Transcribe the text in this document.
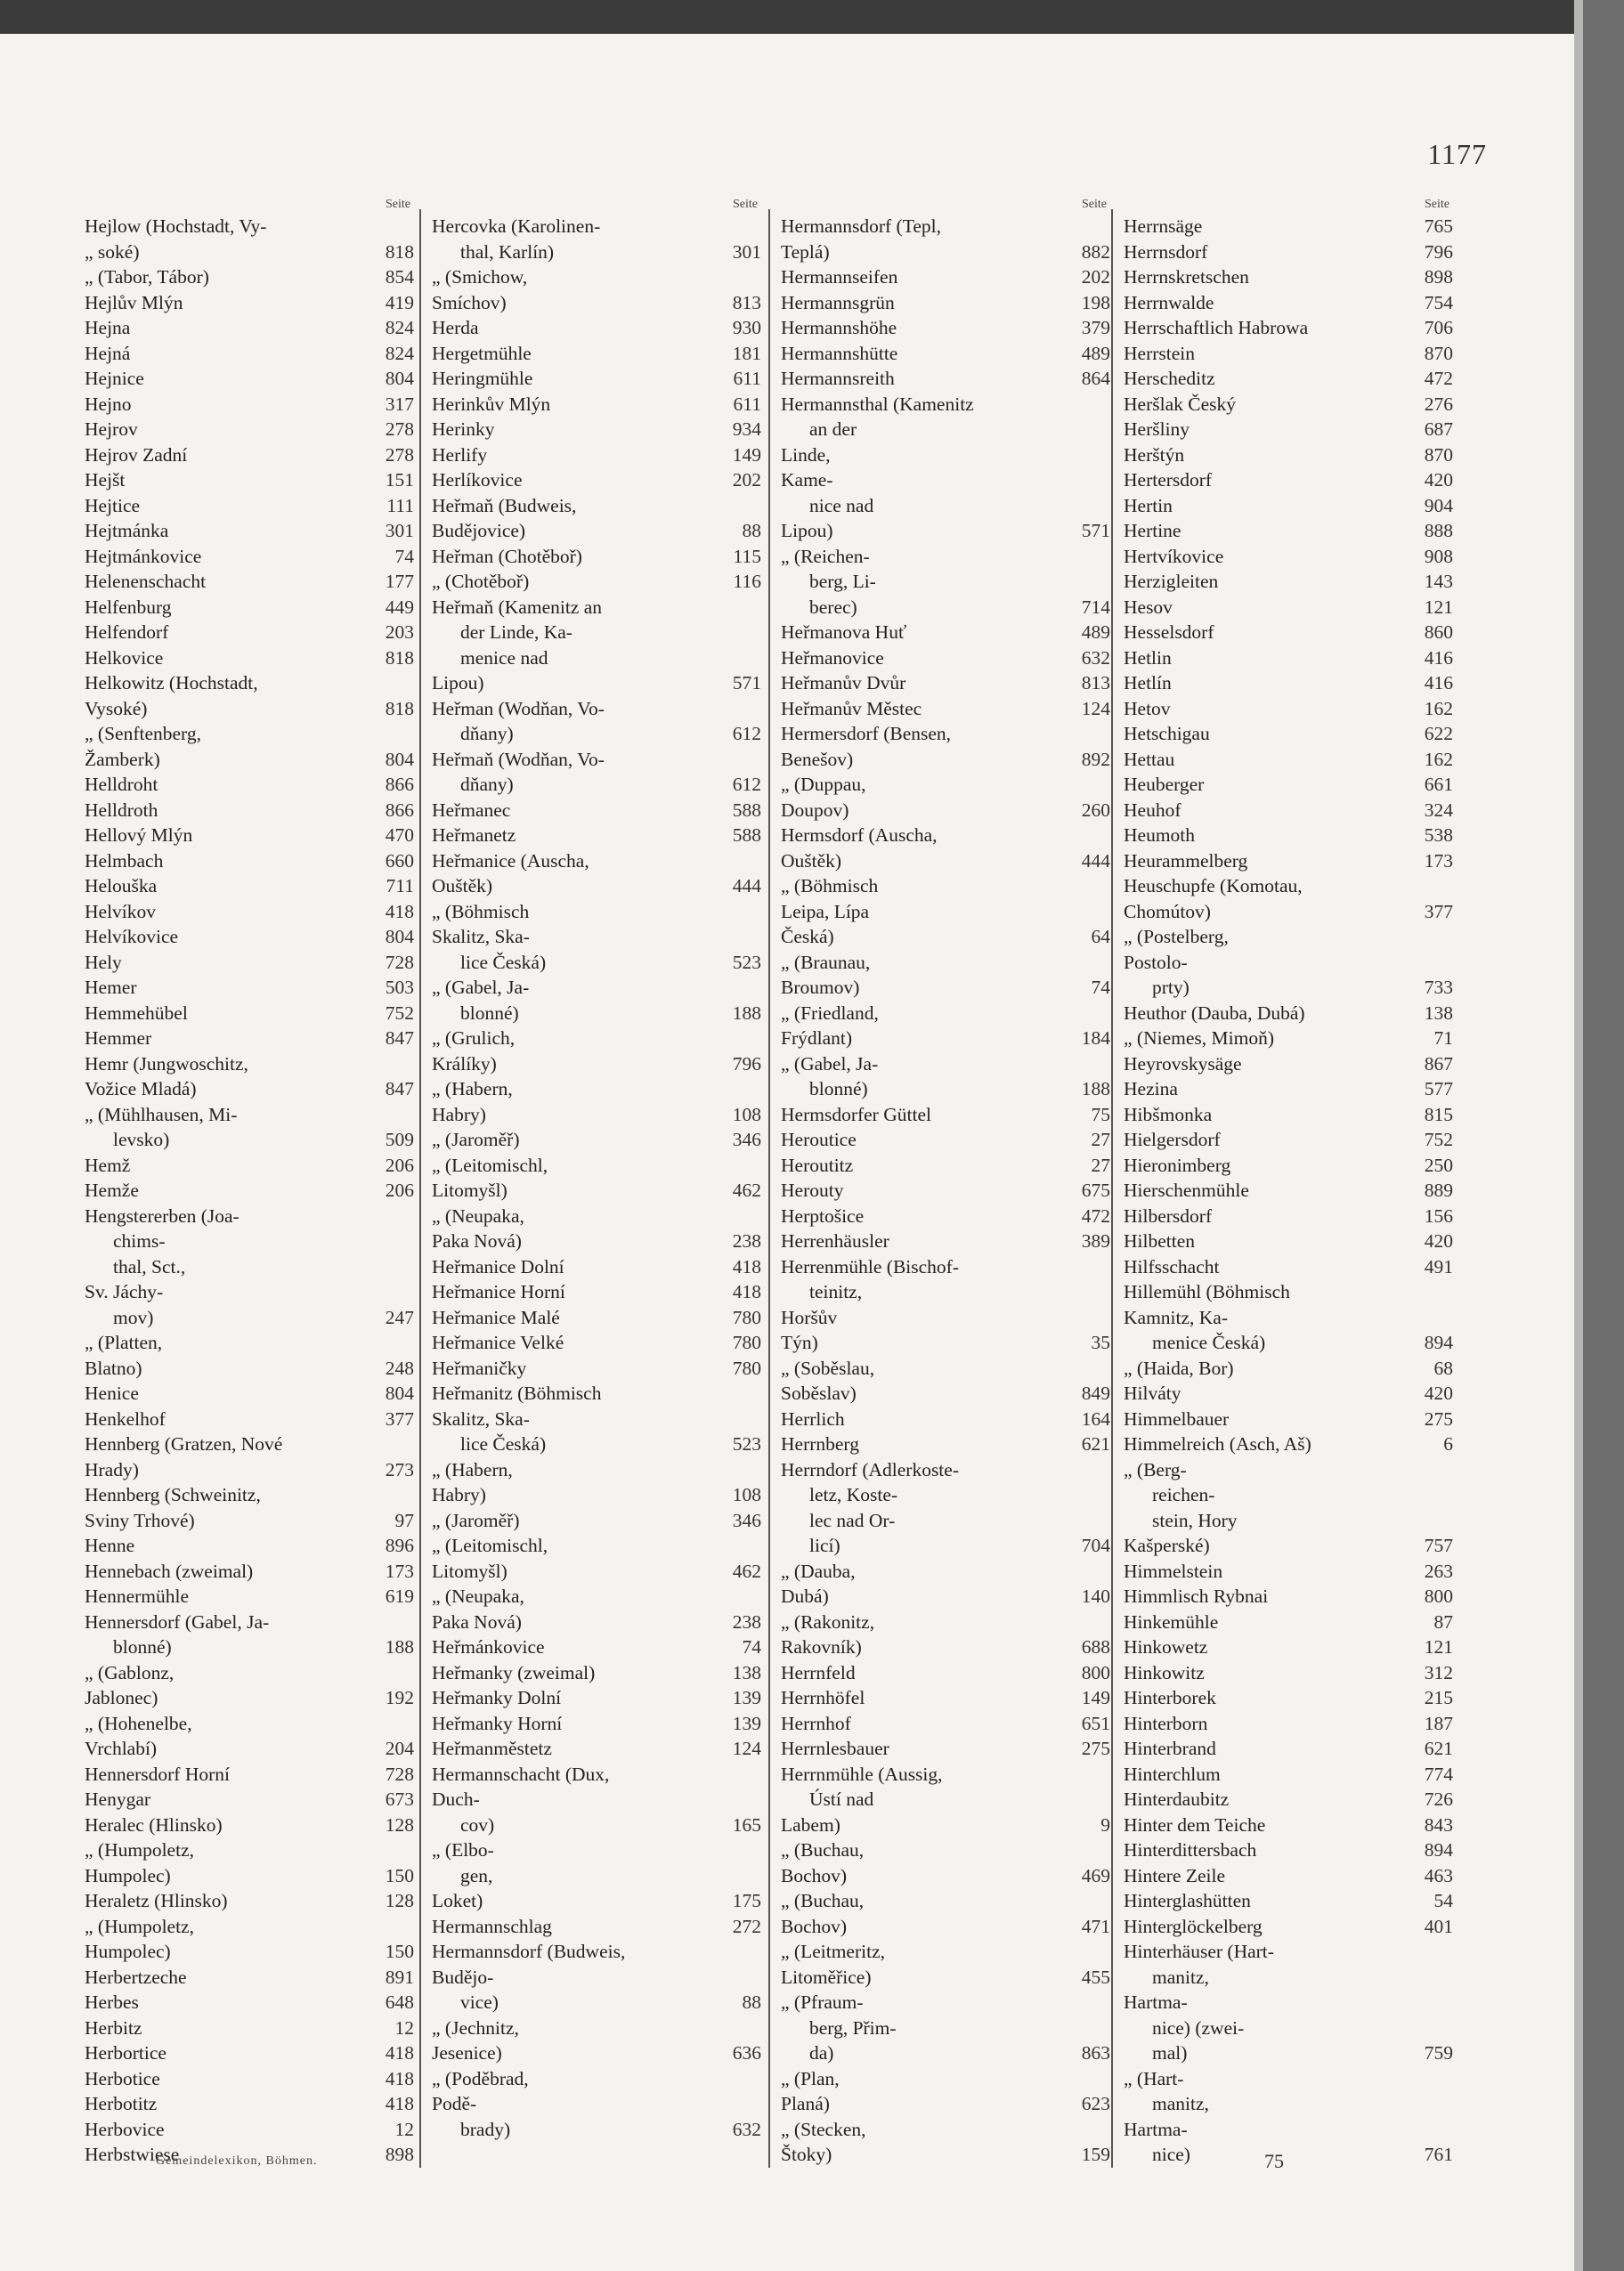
1177
Seite
Hejlow (Hochstadt, Vy-
„ soké)	818
„ (Tabor, Tábor)	854
Hejlův Mlýn	419
Hejna	824
Hejná	824
Hejnice	804
Hejno	317
Hejrov	278
Hejrov Zadní	278
Hejšt	151
Hejtice	111
Hejtmánka	301
Hejtmánkovice	74
Helenenschacht	177
Helfenburg	449
Helfendorf	203
Helkovice	818
Helkowitz (Hochstadt,
Vysoké)	818
„ (Senftenberg,
Žamberk)	804
Helldroht	866
Helldroth	866
Hellový Mlýn	470
Helmbach	660
Helouška	711
Helvíkov	418
Helvíkovice	804
Hely	728
Hemer	503
Hemmehübel	752
Hemmer	847
Hemr (Jungwoschitz,
Vožice Mladá)	847
„ (Mühlhausen, Mi-
levsko)	509
Hemž	206
Hemže	206
Hengstererben (Joa-
chims-
thal, Sct.,
Sv. Jáchy-
mov)	247
„ (Platten,
Blatno)	248
Henice	804
Henkelhof	377
Hennberg (Gratzen, Nové
Hrady)	273
Hennberg (Schweinitz,
Sviny Trhové)	97
Henne	896
Hennebach (zweimal)	173
Hennermühle	619
Hennersdorf (Gabel, Ja-
blonné)	188
„ (Gablonz,
Jablonec)	192
„ (Hohenelbe,
Vrchlabí)	204
Hennersdorf Horní	728
Henygar	673
Heralec (Hlinsko)	128
„ (Humpoletz,
Humpolec)	150
Heraletz (Hlinsko)	128
„ (Humpoletz,
Humpolec)	150
Herbertzeche	891
Herbes	648
Herbitz	12
Herbortice	418
Herbotice	418
Herbotitz	418
Herbovice	12
Herbstwiese	898
Seite
Hercovka (Karolinen-
thal, Karlín)	301
„ (Smichow,
Smíchov)	813
Herda	930
Hergetmühle	181
Heringmühle	611
Herinkův Mlýn	611
Herinky	934
Herlify	149
Herlíkovice	202
Heřmaň (Budweis,
Budějovice)	88
Heřman (Chotěboř)	115
„ (Chotěboř)	116
Heřmaň (Kamenitz an
der Linde, Ka-
menice nad
Lipou)	571
Heřman (Wodňan, Vo-
dňany)	612
Heřmaň (Wodňan, Vo-
dňany)	612
Heřmanec	588
Heřmanetz	588
Heřmanice (Auscha,
Ouštěk)	444
„ (Böhmisch
Skalitz, Ska-
lice Česká)	523
„ (Gabel, Ja-
blonné)	188
„ (Grulich,
Králíky)	796
„ (Habern,
Habry)	108
„ (Jaroměř)	346
„ (Leitomischl,
Litomyšl)	462
„ (Neupaka,
Paka Nová)	238
Heřmanice Dolní	418
Heřmanice Horní	418
Heřmanice Malé	780
Heřmanice Velké	780
Heřmaničky	780
Heřmanitz (Böhmisch
Skalitz, Ska-
lice Česká)	523
„ (Habern,
Habry)	108
„ (Jaroměř)	346
„ (Leitomischl,
Litomyšl)	462
„ (Neupaka,
Paka Nová)	238
Heřmánkovice	74
Heřmanky (zweimal)	138
Heřmanky Dolní	139
Heřmanky Horní	139
Heřmanměstetz	124
Hermannschacht (Dux,
Duch-
cov)	165
„ (Elbo-
gen,
Loket)	175
Hermannschlag	272
Hermannsdorf (Budweis,
Budějo-
vice)	88
„ (Jechnitz,
Jesenice)	636
„ (Poděbrad,
Podě-
brady)	632
Seite
Hermannsdorf (Tepl,
Teplá)	882
Hermannseifen	202
Hermannsgrün	198
Hermannshöhe	379
Hermannshütte	489
Hermannsreith	864
Hermannsthal (Kamenitz
an der
Linde,
Kame-
nice nad
Lipou)	571
„ (Reichen-
berg, Li-
berec)	714
Heřmanova Huť	489
Heřmanovice	632
Heřmanův Dvůr	813
Heřmanův Městec	124
Hermersdorf (Bensen,
Benešov)	892
„ (Duppau,
Doupov)	260
Hermsdorf (Auscha,
Ouštěk)	444
„ (Böhmisch
Leipa, Lípa
Česká)	64
„ (Braunau,
Broumov)	74
„ (Friedland,
Frýdlant)	184
„ (Gabel, Ja-
blonné)	188
Hermsdorfer Güttel	75
Heroutice	27
Heroutitz	27
Herouty	675
Herptošice	472
Herrenhäusler	389
Herrenmühle (Bischof-
teinitz,
Horšův
Týn)	35
„ (Soběslau,
Soběslav)	849
Herrlich	164
Herrnberg	621
Herrndorf (Adlerkoste-
letz, Koste-
lec nad Or-
licí)	704
„ (Dauba,
Dubá)	140
„ (Rakonitz,
Rakovník)	688
Herrnfeld	800
Herrnhöfel	149
Herrnhof	651
Herrnlesbauer	275
Herrnmühle (Aussig,
Ústí nad
Labem)	9
„ (Buchau,
Bochov)	469
„ (Buchau,
Bochov)	471
„ (Leitmeritz,
Litoměřice)	455
„ (Pfraum-
berg, Přim-
da)	863
„ (Plan,
Planá)	623
„ (Stecken,
Štoky)	159
Seite
Herrnsäge	765
Herrnsdorf	796
Herrnskretschen	898
Herrnwalde	754
Herrschaftlich Habrowa	706
Herrstein	870
Herscheditz	472
Heršlak Český	276
Heršliny	687
Herštýn	870
Hertersdorf	420
Hertin	904
Hertine	888
Hertvíkovice	908
Herzigleiten	143
Hesov	121
Hesselsdorf	860
Hetlin	416
Hetlín	416
Hetov	162
Hetschigau	622
Hettau	162
Heuberger	661
Heuhof	324
Heumoth	538
Heurammelberg	173
Heuschupfe (Komotau,
Chomútov)	377
„ (Postelberg,
Postolo-
prty)	733
Heuthor (Dauba, Dubá)	138
„ (Niemes, Mimoň)	71
Heyrovskysäge	867
Hezina	577
Hibšmonka	815
Hielgersdorf	752
Hieronimberg	250
Hierschenmühle	889
Hilbersdorf	156
Hilbetten	420
Hilfsschacht	491
Hillemühl (Böhmisch
Kamnitz, Ka-
menice Česká)	894
„ (Haida, Bor)	68
Hilváty	420
Himmelbauer	275
Himmelreich (Asch, Aš)	6
„ (Berg-
reichen-
stein, Hory
Kašperské)	757
Himmelstein	263
Himmlisch Rybnai	800
Hinkemühle	87
Hinkowetz	121
Hinkowitz	312
Hinterborek	215
Hinterborn	187
Hinterbrand	621
Hinterchlum	774
Hinterdaubitz	726
Hinter dem Teiche	843
Hinterdittersbach	894
Hintere Zeile	463
Hinterglashütten	54
Hinterglöckelberg	401
Hinterhäuser (Hart-
manitz,
Hartma-
nice) (zwei-
mal)	759
„ (Hart-
manitz,
Hartma-
nice)	761
Gemeindelexikon, Böhmen.	75
